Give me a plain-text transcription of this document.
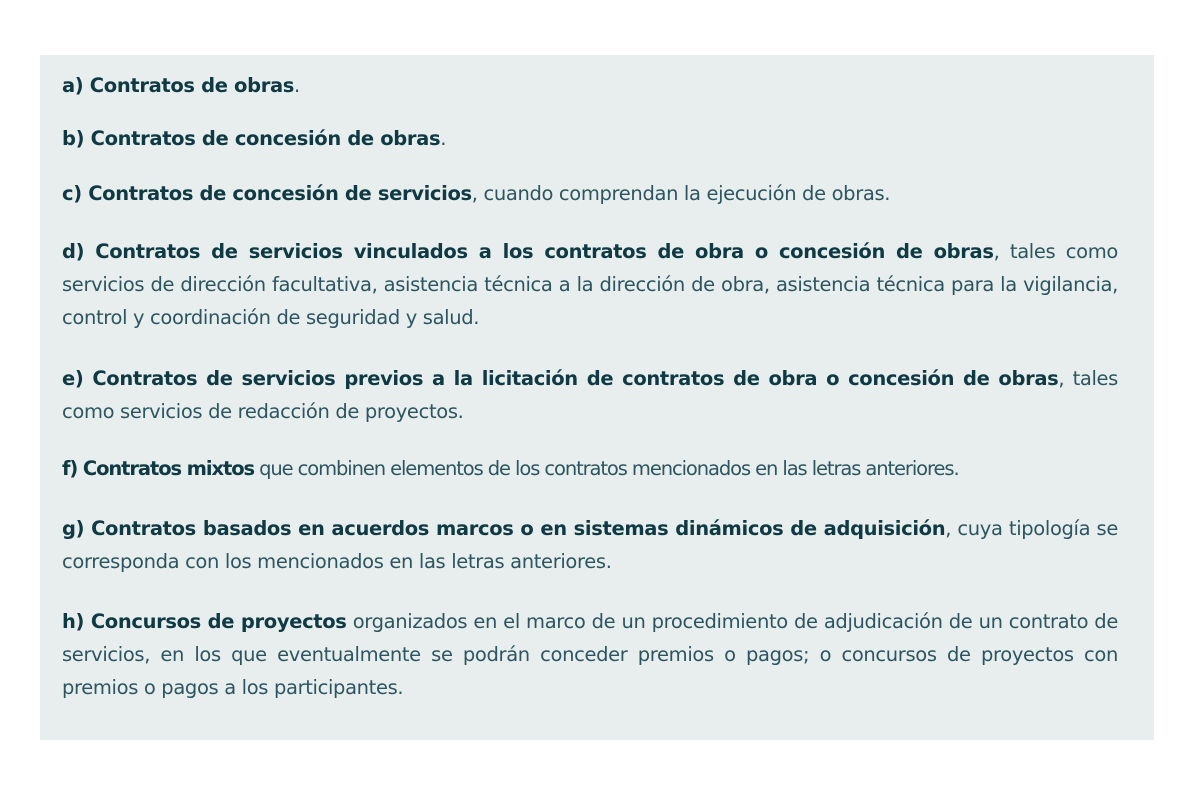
a) Contratos de obras.

b) Contratos de concesión de obras.

c) Contratos de concesión de servicios, cuando comprendan la ejecución de obras.

d) Contratos de servicios vinculados a los contratos de obra o concesión de obras, tales como servicios de dirección facultativa, asistencia técnica a la dirección de obra, asistencia técnica para la vigilancia, control y coordinación de seguridad y salud.

e) Contratos de servicios previos a la licitación de contratos de obra o concesión de obras, tales como servicios de redacción de proyectos.

f) Contratos mixtos que combinen elementos de los contratos mencionados en las letras anteriores.

g) Contratos basados en acuerdos marcos o en sistemas dinámicos de adquisición, cuya tipología se corresponda con los mencionados en las letras anteriores.

h) Concursos de proyectos organizados en el marco de un procedimiento de adjudicación de un contrato de servicios, en los que eventualmente se podrán conceder premios o pagos; o concursos de proyectos con premios o pagos a los participantes.
